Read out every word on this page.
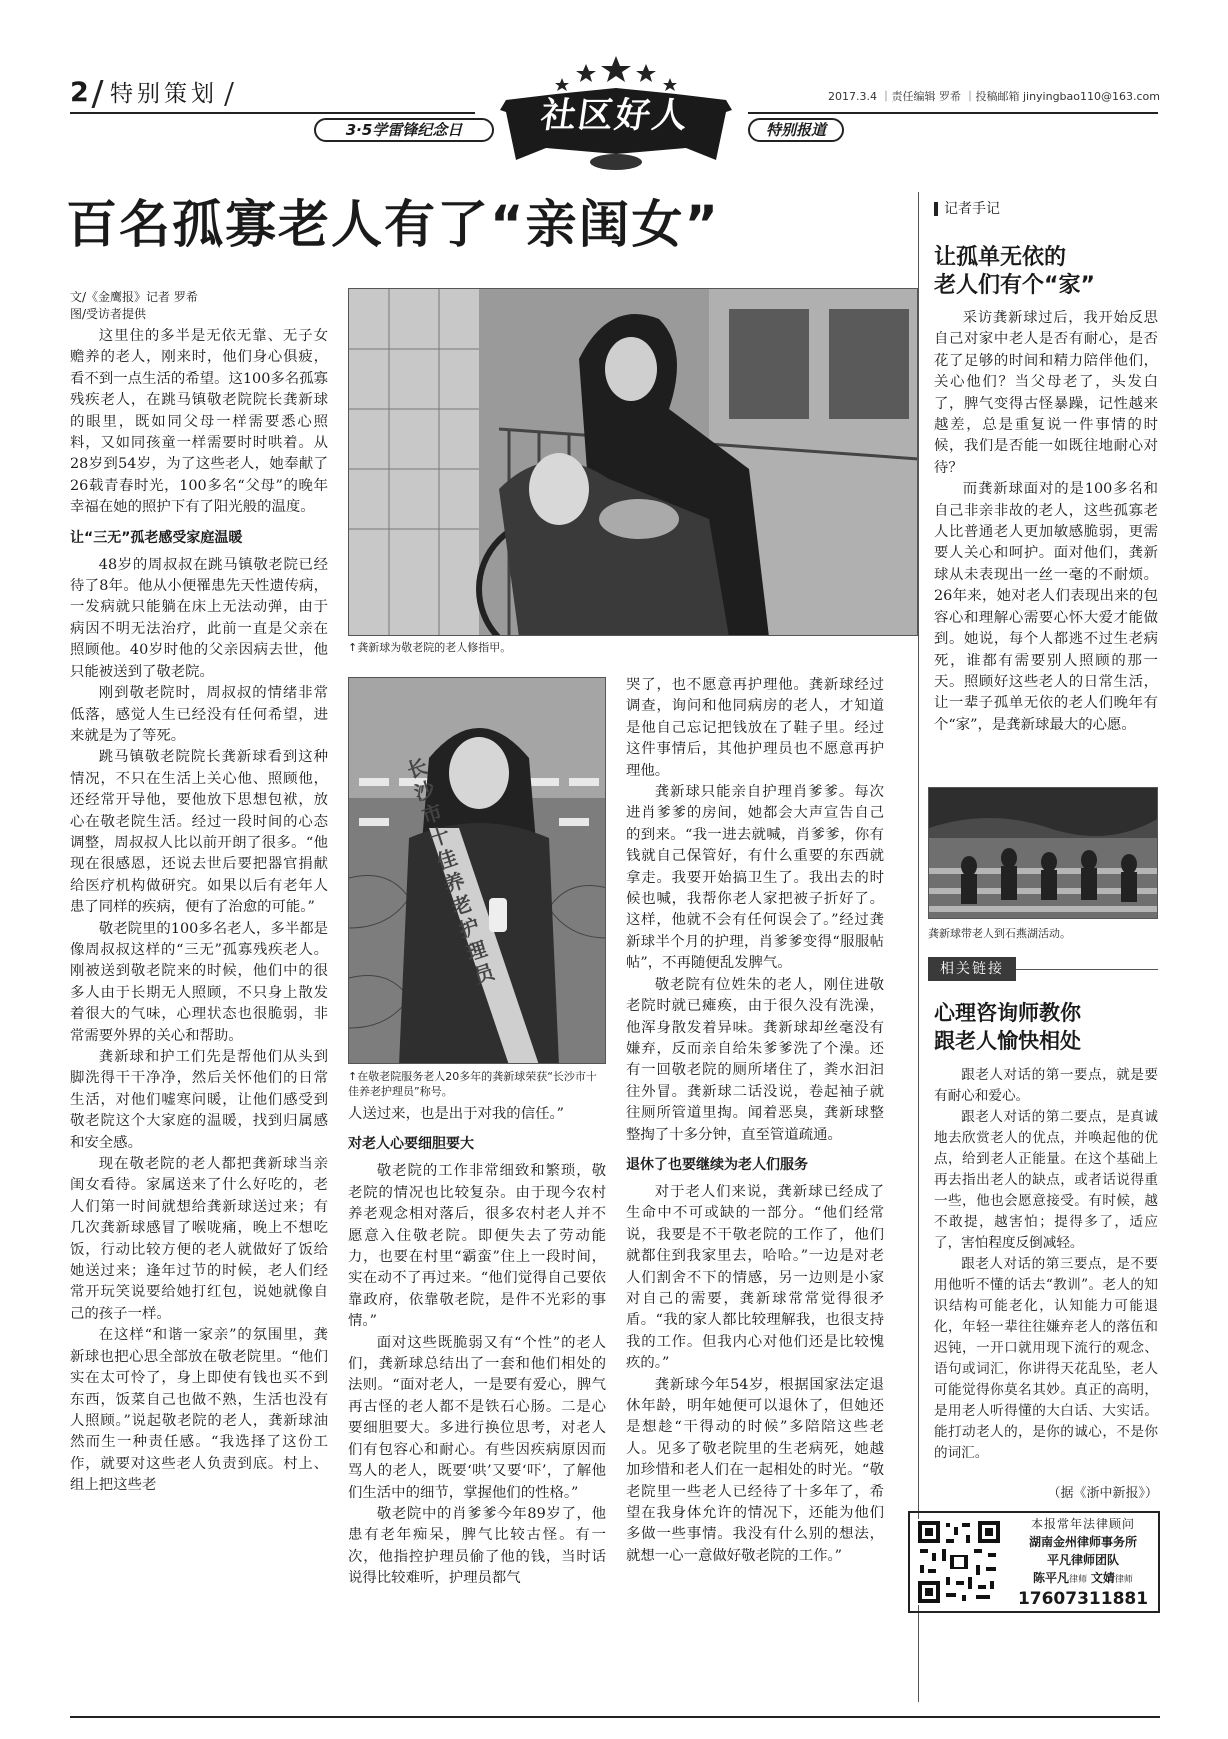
2 特别策划
3·5学雷锋纪念日	特别报道
社区好人	2017.3.4 ｜责任编辑 罗希 ｜投稿邮箱 jinyingbao110@163.com
百名孤寡老人有了“亲闺女”
文/《金鹰报》记者 罗希
图/受访者提供

这里住的多半是无依无靠、无子女赡养的老人，刚来时，他们身心俱疲，看不到一点生活的希望。这100多名孤寡残疾老人，在跳马镇敬老院院长龚新球的眼里，既如同父母一样需要悉心照料，又如同孩童一样需要时时哄着。从28岁到54岁，为了这些老人，她奉献了26载青春时光，100多名“父母”的晚年幸福在她的照护下有了阳光般的温度。

让“三无”孤老感受家庭温暖

48岁的周叔叔在跳马镇敬老院已经待了8年。他从小便罹患先天性遗传病，一发病就只能躺在床上无法动弹，由于病因不明无法治疗，此前一直是父亲在照顾他。40岁时他的父亲因病去世，他只能被送到了敬老院。

刚到敬老院时，周叔叔的情绪非常低落，感觉人生已经没有任何希望，进来就是为了等死。

跳马镇敬老院院长龚新球看到这种情况，不只在生活上关心他、照顾他，还经常开导他，要他放下思想包袱，放心在敬老院生活。经过一段时间的心态调整，周叔叔人比以前开朗了很多。“他现在很感恩，还说去世后要把器官捐献给医疗机构做研究。如果以后有老年人患了同样的疾病，便有了治愈的可能。”

敬老院里的100多名老人，多半都是像周叔叔这样的“三无”孤寡残疾老人。刚被送到敬老院来的时候，他们中的很多人由于长期无人照顾，不只身上散发着很大的气味，心理状态也很脆弱，非常需要外界的关心和帮助。

龚新球和护工们先是帮他们从头到脚洗得干干净净，然后关怀他们的日常生活，对他们嘘寒问暖，让他们感受到敬老院这个大家庭的温暖，找到归属感和安全感。

现在敬老院的老人都把龚新球当亲闺女看待。家属送来了什么好吃的，老人们第一时间就想给龚新球送过来；有几次龚新球感冒了喉咙痛，晚上不想吃饭，行动比较方便的老人就做好了饭给她送过来；逢年过节的时候，老人们经常开玩笑说要给她打红包，说她就像自己的孩子一样。

在这样“和谐一家亲”的氛围里，龚新球也把心思全部放在敬老院里。“他们实在太可怜了，身上即使有钱也买不到东西，饭菜自己也做不熟，生活也没有人照顾。”说起敬老院的老人，龚新球油然而生一种责任感。“我选择了这份工作，就要对这些老人负责到底。村上、组上把这些老

↑龚新球为敬老院的老人修指甲。
长沙市十佳养老护理员
↑在敬老院服务老人20多年的龚新球荣获“长沙市十佳养老护理员”称号。

人送过来，也是出于对我的信任。”

对老人心要细胆要大

敬老院的工作非常细致和繁琐，敬老院的情况也比较复杂。由于现今农村养老观念相对落后，很多农村老人并不愿意入住敬老院。即便失去了劳动能力，也要在村里“霸蛮”住上一段时间，实在动不了再过来。“他们觉得自己要依靠政府，依靠敬老院，是件不光彩的事情。”

面对这些既脆弱又有“个性”的老人们，龚新球总结出了一套和他们相处的法则。“面对老人，一是要有爱心，脾气再古怪的老人都不是铁石心肠。二是心要细胆要大。多进行换位思考，对老人们有包容心和耐心。有些因疾病原因而骂人的老人，既要‘哄’又要‘吓’，了解他们生活中的细节，掌握他们的性格。”

敬老院中的肖爹爹今年89岁了，他患有老年痴呆，脾气比较古怪。有一次，他指控护理员偷了他的钱，当时话说得比较难听，护理员都气

哭了，也不愿意再护理他。龚新球经过调查，询问和他同病房的老人，才知道是他自己忘记把钱放在了鞋子里。经过这件事情后，其他护理员也不愿意再护理他。

龚新球只能亲自护理肖爹爹。每次进肖爹爹的房间，她都会大声宣告自己的到来。“我一进去就喊，肖爹爹，你有钱就自己保管好，有什么重要的东西就拿走。我要开始搞卫生了。我出去的时候也喊，我帮你老人家把被子折好了。这样，他就不会有任何误会了。”经过龚新球半个月的护理，肖爹爹变得“服服帖帖”，不再随便乱发脾气。

敬老院有位姓朱的老人，刚住进敬老院时就已瘫痪，由于很久没有洗澡，他浑身散发着异味。龚新球却丝毫没有嫌弃，反而亲自给朱爹爹洗了个澡。还有一回敬老院的厕所堵住了，粪水汩汩往外冒。龚新球二话没说，卷起袖子就往厕所管道里掏。闻着恶臭，龚新球整整掏了十多分钟，直至管道疏通。

退休了也要继续为老人们服务

对于老人们来说，龚新球已经成了生命中不可或缺的一部分。“他们经常说，我要是不干敬老院的工作了，他们就都住到我家里去，哈哈。”一边是对老人们割舍不下的情感，另一边则是小家对自己的需要，龚新球常常觉得很矛盾。“我的家人都比较理解我，也很支持我的工作。但我内心对他们还是比较愧疚的。”

龚新球今年54岁，根据国家法定退休年龄，明年她便可以退休了，但她还是想趁“干得动的时候”多陪陪这些老人。见多了敬老院里的生老病死，她越加珍惜和老人们在一起相处的时光。“敬老院里一些老人已经待了十多年了，希望在我身体允许的情况下，还能为他们多做一些事情。我没有什么别的想法，就想一心一意做好敬老院的工作。”

记者手记
让孤单无依的
老人们有个“家”

采访龚新球过后，我开始反思自己对家中老人是否有耐心，是否花了足够的时间和精力陪伴他们，关心他们？当父母老了，头发白了，脾气变得古怪暴躁，记性越来越差，总是重复说一件事情的时候，我们是否能一如既往地耐心对待？

而龚新球面对的是100多名和自己非亲非故的老人，这些孤寡老人比普通老人更加敏感脆弱，更需要人关心和呵护。面对他们，龚新球从未表现出一丝一毫的不耐烦。26年来，她对老人们表现出来的包容心和理解心需要心怀大爱才能做到。她说，每个人都逃不过生老病死，谁都有需要别人照顾的那一天。照顾好这些老人的日常生活，让一辈子孤单无依的老人们晚年有个“家”，是龚新球最大的心愿。

龚新球带老人到石燕湖活动。
相关链接
心理咨询师教你
跟老人愉快相处

跟老人对话的第一要点，就是要有耐心和爱心。

跟老人对话的第二要点，是真诚地去欣赏老人的优点，并唤起他的优点，给到老人正能量。在这个基础上再去指出老人的缺点，或者话说得重一些，他也会愿意接受。有时候，越不敢提，越害怕；提得多了，适应了，害怕程度反倒减轻。

跟老人对话的第三要点，是不要用他听不懂的话去“教训”。老人的知识结构可能老化，认知能力可能退化，年轻一辈往往嫌弃老人的落伍和迟钝，一开口就用现下流行的观念、语句或词汇，你讲得天花乱坠，老人可能觉得你莫名其妙。真正的高明，是用老人听得懂的大白话、大实话。能打动老人的，是你的诚心，不是你的词汇。

（据《浙中新报》）
本报常年法律顾问
湖南金州律师事务所
平凡律师团队
陈平凡律师 文婧律师
17607311881
